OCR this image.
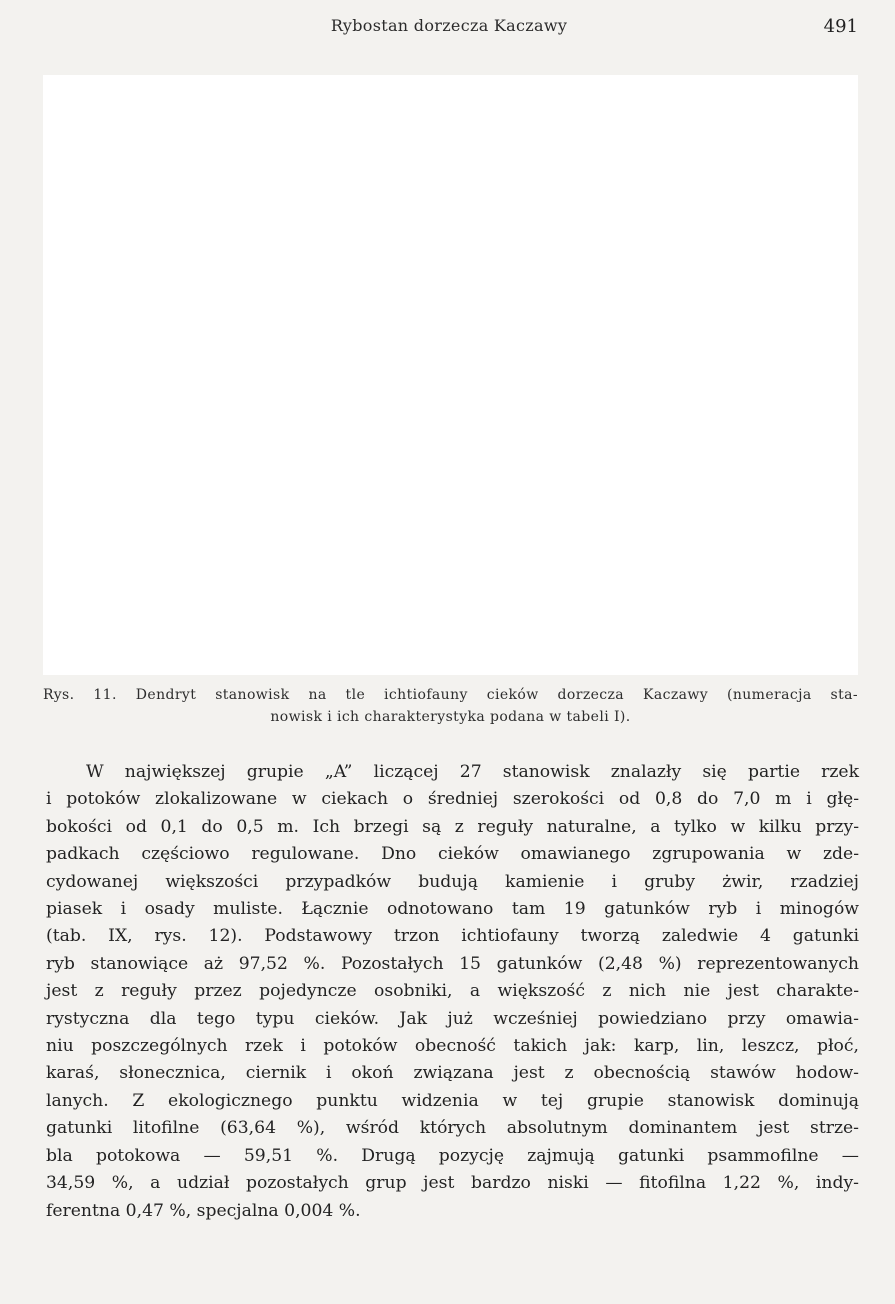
Rybostan dorzecza Kaczawy	491
Rys. 11. Dendryt stanowisk na tle ichtiofauny cieków dorzecza Kaczawy (numeracja sta-
nowisk i ich charakterystyka podana w tabeli I).
W największej grupie „A” liczącej 27 stanowisk znalazły się partie rzek
i potoków zlokalizowane w ciekach o średniej szerokości od 0,8 do 7,0 m i głę-
bokości od 0,1 do 0,5 m. Ich brzegi są z reguły naturalne, a tylko w kilku przy-
padkach częściowo regulowane. Dno cieków omawianego zgrupowania w zde-
cydowanej większości przypadków budują kamienie i gruby żwir, rzadziej
piasek i osady muliste. Łącznie odnotowano tam 19 gatunków ryb i minogów
(tab. IX, rys. 12). Podstawowy trzon ichtiofauny tworzą zaledwie 4 gatunki
ryb stanowiące aż 97,52 %. Pozostałych 15 gatunków (2,48 %) reprezentowanych
jest z reguły przez pojedyncze osobniki, a większość z nich nie jest charakte-
rystyczna dla tego typu cieków. Jak już wcześniej powiedziano przy omawia-
niu poszczególnych rzek i potoków obecność takich jak: karp, lin, leszcz, płoć,
karaś, słonecznica, ciernik i okoń związana jest z obecnością stawów hodow-
lanych. Z ekologicznego punktu widzenia w tej grupie stanowisk dominują
gatunki litofilne (63,64 %), wśród których absolutnym dominantem jest strze-
bla potokowa — 59,51 %. Drugą pozycję zajmują gatunki psammofilne —
34,59 %, a udział pozostałych grup jest bardzo niski — fitofilna 1,22 %, indy-
ferentna 0,47 %, specjalna 0,004 %.
